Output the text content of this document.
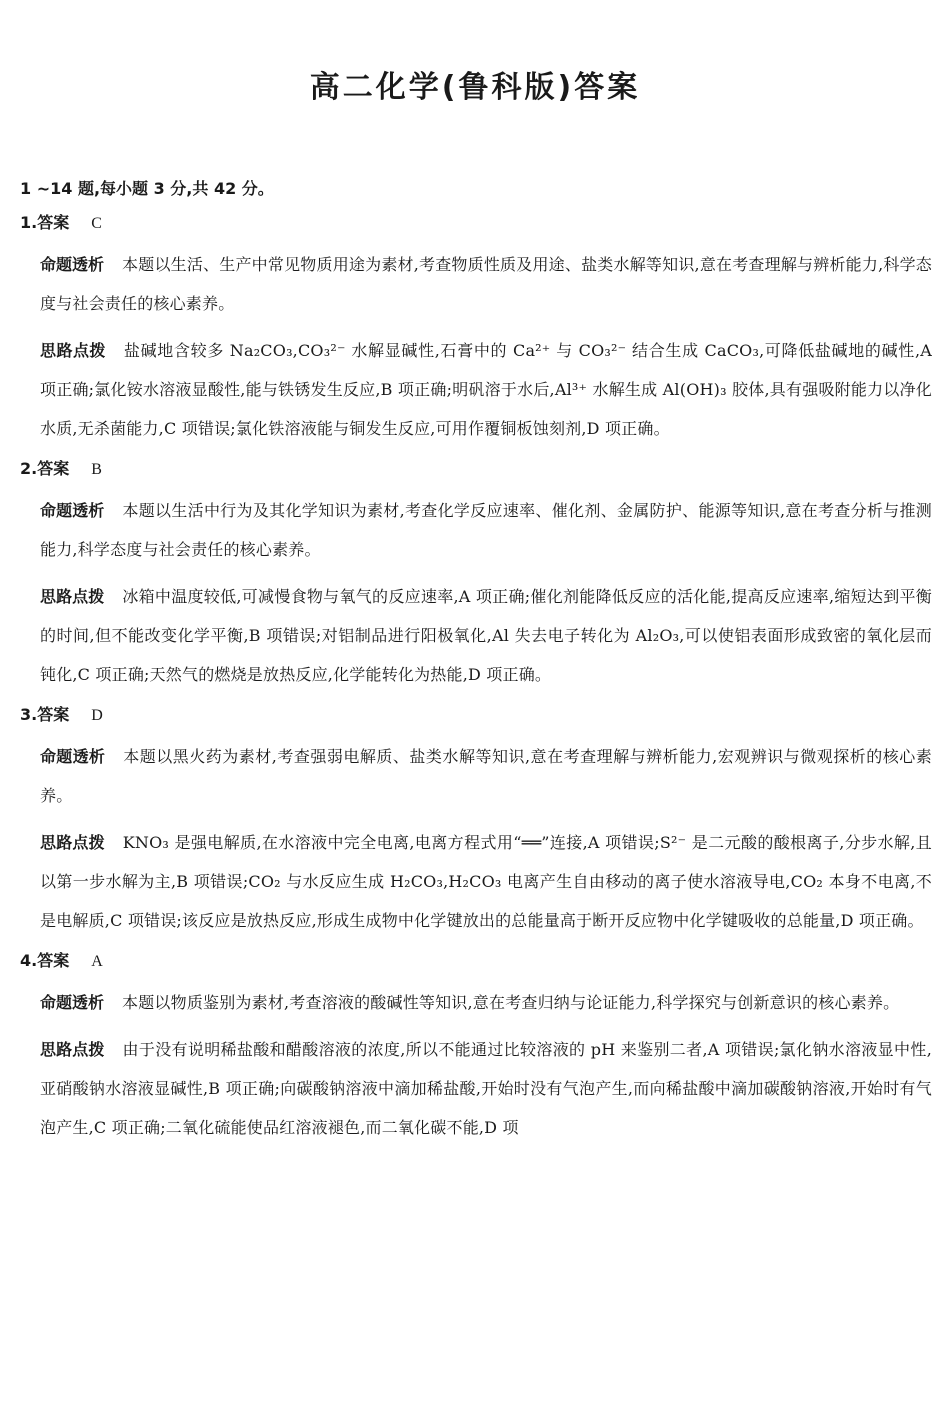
高二化学(鲁科版)答案

1 ~14 题,每小题 3 分,共 42 分。

1.答案 C

命题透析 本题以生活、生产中常见物质用途为素材,考查物质性质及用途、盐类水解等知识,意在考查理解与辨析能力,科学态度与社会责任的核心素养。

思路点拨 盐碱地含较多 Na₂CO₃,CO₃²⁻ 水解显碱性,石膏中的 Ca²⁺ 与 CO₃²⁻ 结合生成 CaCO₃,可降低盐碱地的碱性,A 项正确;氯化铵水溶液显酸性,能与铁锈发生反应,B 项正确;明矾溶于水后,Al³⁺ 水解生成 Al(OH)₃ 胶体,具有强吸附能力以净化水质,无杀菌能力,C 项错误;氯化铁溶液能与铜发生反应,可用作覆铜板蚀刻剂,D 项正确。

2.答案 B

命题透析 本题以生活中行为及其化学知识为素材,考查化学反应速率、催化剂、金属防护、能源等知识,意在考查分析与推测能力,科学态度与社会责任的核心素养。

思路点拨 冰箱中温度较低,可减慢食物与氧气的反应速率,A 项正确;催化剂能降低反应的活化能,提高反应速率,缩短达到平衡的时间,但不能改变化学平衡,B 项错误;对铝制品进行阳极氧化,Al 失去电子转化为 Al₂O₃,可以使铝表面形成致密的氧化层而钝化,C 项正确;天然气的燃烧是放热反应,化学能转化为热能,D 项正确。

3.答案 D

命题透析 本题以黑火药为素材,考查强弱电解质、盐类水解等知识,意在考查理解与辨析能力,宏观辨识与微观探析的核心素养。

思路点拨 KNO₃ 是强电解质,在水溶液中完全电离,电离方程式用“══”连接,A 项错误;S²⁻ 是二元酸的酸根离子,分步水解,且以第一步水解为主,B 项错误;CO₂ 与水反应生成 H₂CO₃,H₂CO₃ 电离产生自由移动的离子使水溶液导电,CO₂ 本身不电离,不是电解质,C 项错误;该反应是放热反应,形成生成物中化学键放出的总能量高于断开反应物中化学键吸收的总能量,D 项正确。

4.答案 A

命题透析 本题以物质鉴别为素材,考查溶液的酸碱性等知识,意在考查归纳与论证能力,科学探究与创新意识的核心素养。

思路点拨 由于没有说明稀盐酸和醋酸溶液的浓度,所以不能通过比较溶液的 pH 来鉴别二者,A 项错误;氯化钠水溶液显中性,亚硝酸钠水溶液显碱性,B 项正确;向碳酸钠溶液中滴加稀盐酸,开始时没有气泡产生,而向稀盐酸中滴加碳酸钠溶液,开始时有气泡产生,C 项正确;二氧化硫能使品红溶液褪色,而二氧化碳不能,D 项
